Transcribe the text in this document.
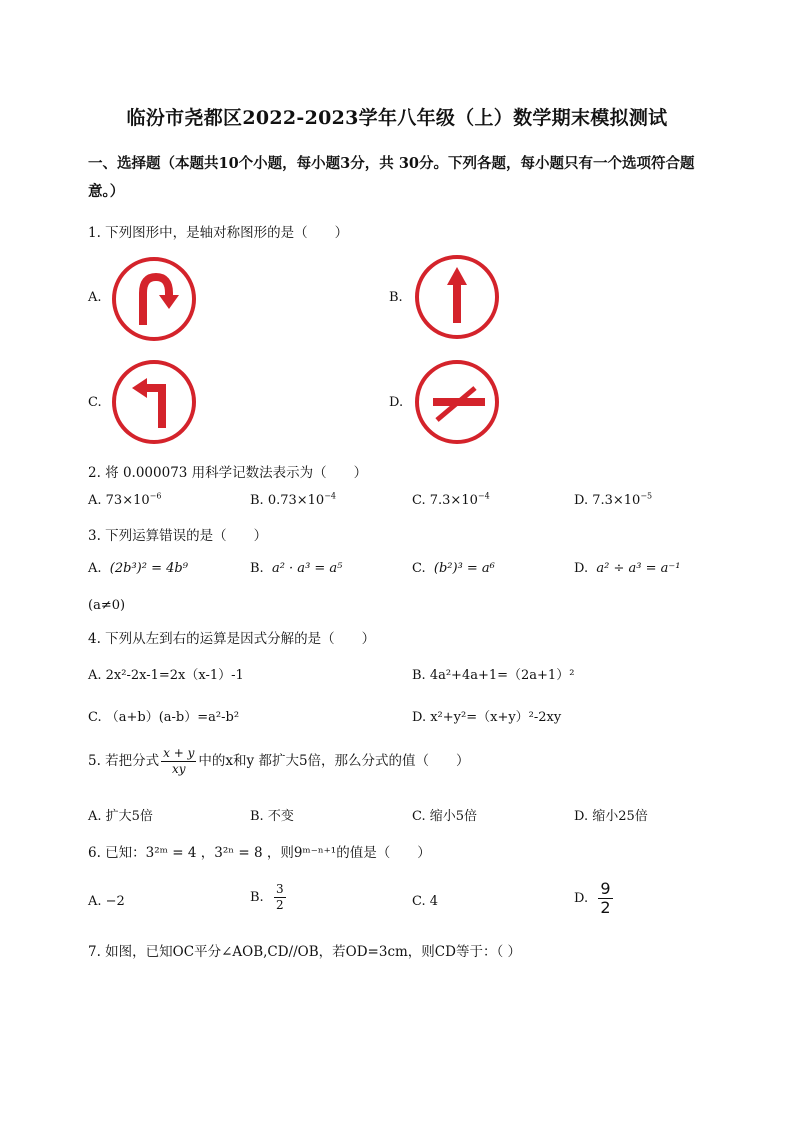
临汾市尧都区2022-2023学年八年级（上）数学期末模拟测试
一、选择题（本题共10个小题，每小题3分，共 30分。下列各题，每小题只有一个选项符合题意。）
1. 下列图形中，是轴对称图形的是（　　）
A.	B.
C.	D.
2. 将 0.000073 用科学记数法表示为（　　）
A. $73\times 10^{-6}$	B. $0.73\times 10^{-4}$	C. $7.3\times 10^{-4}$	D. $7.3\times 10^{-5}$
3. 下列运算错误的是（　　）
A. (2b³)² = 4b⁹	B. a² · a³ = a⁵	C. (b²)³ = a⁶	D. a² ÷ a³ = a⁻¹
(a≠0)
4. 下列从左到右的运算是因式分解的是（　　）
A. 2x²-2x-1=2x（x-1）-1	B. 4a²+4a+1=（2a+1）²
C. （a+b）(a-b）=a²-b²	D. x²+y²=（x+y）²-2xy
5. 若把分式 $\frac{x + y}{xy}$ 中的x和y 都扩大5倍，那么分式的值（　　）
A. 扩大5倍	B. 不变	C. 缩小5倍	D. 缩小25倍
6. 已知：3²ᵐ = 4 ，3²ⁿ = 8 ，则9ᵐ⁻ⁿ⁺¹的值是（　　）
A. −2	B. $\frac{3}{2}$	C. 4	D. $\frac{9}{2}$
7. 如图，已知OC平分∠AOB,CD//OB，若OD=3cm，则CD等于：（ ）
